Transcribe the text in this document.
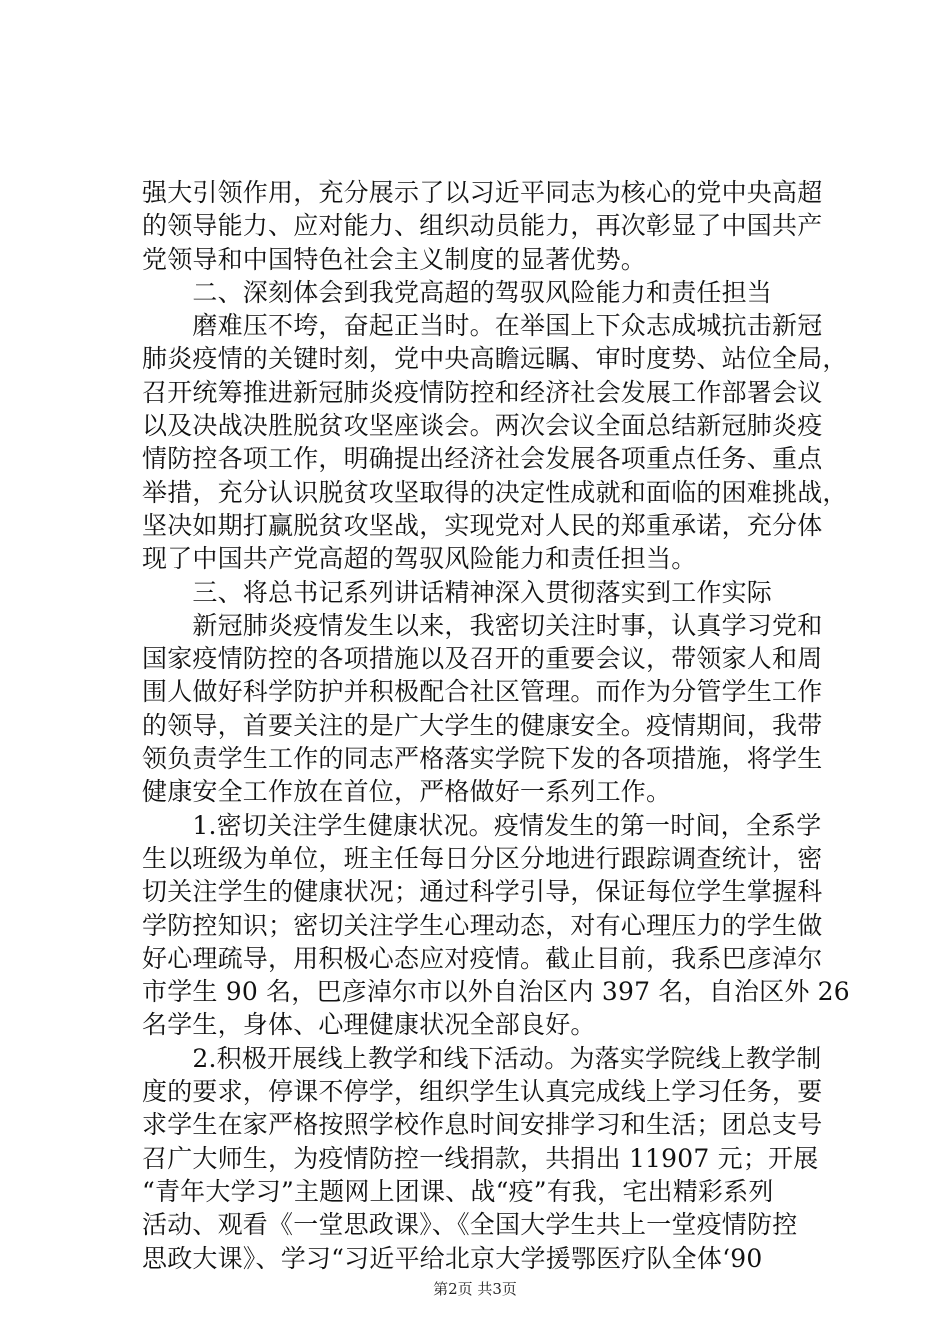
强大引领作用，充分展示了以习近平同志为核心的党中央高超
的领导能力、应对能力、组织动员能力，再次彰显了中国共产
党领导和中国特色社会主义制度的显著优势。
　　二、深刻体会到我党高超的驾驭风险能力和责任担当
　　磨难压不垮，奋起正当时。在举国上下众志成城抗击新冠
肺炎疫情的关键时刻，党中央高瞻远瞩、审时度势、站位全局，
召开统筹推进新冠肺炎疫情防控和经济社会发展工作部署会议
以及决战决胜脱贫攻坚座谈会。两次会议全面总结新冠肺炎疫
情防控各项工作，明确提出经济社会发展各项重点任务、重点
举措，充分认识脱贫攻坚取得的决定性成就和面临的困难挑战，
坚决如期打赢脱贫攻坚战，实现党对人民的郑重承诺，充分体
现了中国共产党高超的驾驭风险能力和责任担当。
　　三、将总书记系列讲话精神深入贯彻落实到工作实际
　　新冠肺炎疫情发生以来，我密切关注时事，认真学习党和
国家疫情防控的各项措施以及召开的重要会议，带领家人和周
围人做好科学防护并积极配合社区管理。而作为分管学生工作
的领导，首要关注的是广大学生的健康安全。疫情期间，我带
领负责学生工作的同志严格落实学院下发的各项措施，将学生
健康安全工作放在首位，严格做好一系列工作。
　　1.密切关注学生健康状况。疫情发生的第一时间，全系学
生以班级为单位，班主任每日分区分地进行跟踪调查统计，密
切关注学生的健康状况；通过科学引导，保证每位学生掌握科
学防控知识；密切关注学生心理动态，对有心理压力的学生做
好心理疏导，用积极心态应对疫情。截止目前，我系巴彦淖尔
市学生 90 名，巴彦淖尔市以外自治区内 397 名，自治区外 26
名学生，身体、心理健康状况全部良好。
　　2.积极开展线上教学和线下活动。为落实学院线上教学制
度的要求，停课不停学，组织学生认真完成线上学习任务，要
求学生在家严格按照学校作息时间安排学习和生活；团总支号
召广大师生，为疫情防控一线捐款，共捐出 11907 元；开展
“青年大学习”主题网上团课、战“疫”有我，宅出精彩系列
活动、观看《一堂思政课》、《全国大学生共上一堂疫情防控
思政大课》、学习“习近平给北京大学援鄂医疗队全体‘90
第2页 共3页
